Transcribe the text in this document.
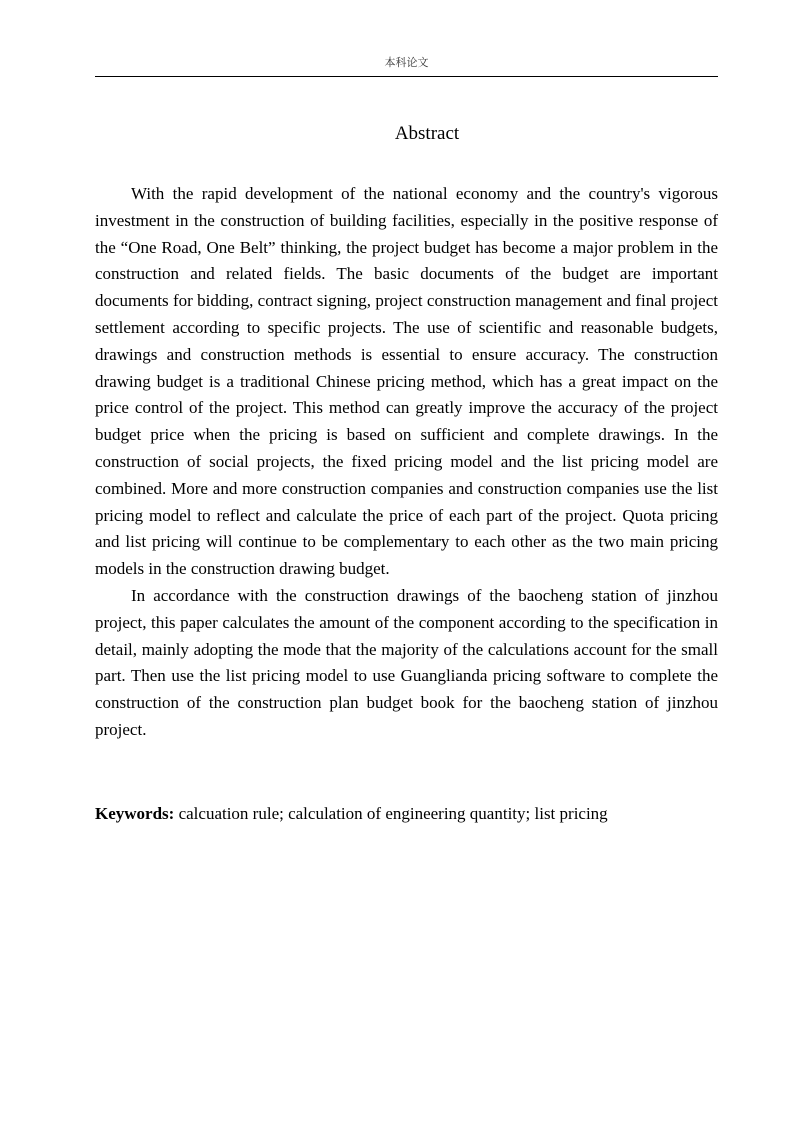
本科论文
Abstract

With the rapid development of the national economy and the country's vigorous investment in the construction of building facilities, especially in the positive response of the “One Road, One Belt” thinking, the project budget has become a major problem in the construction and related fields. The basic documents of the budget are important documents for bidding, contract signing, project construction management and final project settlement according to specific projects. The use of scientific and reasonable budgets, drawings and construction methods is essential to ensure accuracy. The construction drawing budget is a traditional Chinese pricing method, which has a great impact on the price control of the project. This method can greatly improve the accuracy of the project budget price when the pricing is based on sufficient and complete drawings. In the construction of social projects, the fixed pricing model and the list pricing model are combined. More and more construction companies and construction companies use the list pricing model to reflect and calculate the price of each part of the project. Quota pricing and list pricing will continue to be complementary to each other as the two main pricing models in the construction drawing budget.

In accordance with the construction drawings of the baocheng station of jinzhou project, this paper calculates the amount of the component according to the specification in detail, mainly adopting the mode that the majority of the calculations account for the small part. Then use the list pricing model to use Guanglianda pricing software to complete the construction of the construction plan budget book for the baocheng station of jinzhou project.

Keywords: calcuation rule; calculation of engineering quantity; list pricing
